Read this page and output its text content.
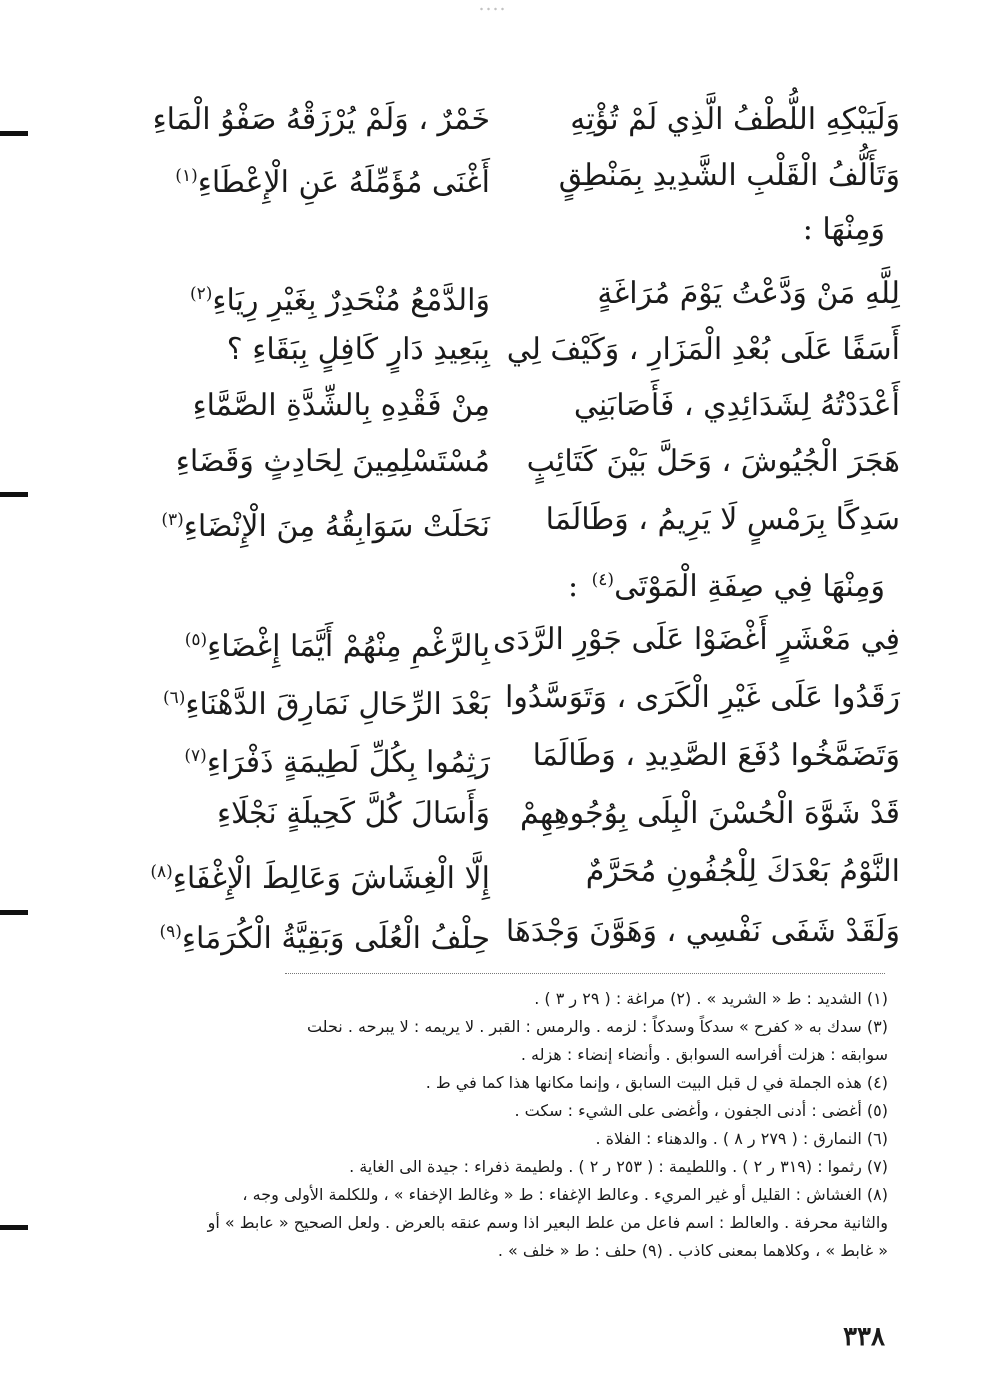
وَلَيَبْكِهِ اللُّطْفُ الَّذِي لَمْ تُؤْتِهِ
خَمْرٌ ، وَلَمْ يُرْزَقْهُ صَفْوُ الْمَاءِ
وَتَأَلُّفُ الْقَلْبِ الشَّدِيدِ بِمَنْطِقٍ
أَغْنَى مُؤَمِّلَهُ عَنِ الْإِعْطَاءِ$^{(١)}$
وَمِنْهَا :
لِلَّهِ مَنْ وَدَّعْتُ يَوْمَ مُرَاغَةٍ
وَالدَّمْعُ مُنْحَدِرٌ بِغَيْرِ رِيَاءِ$^{(٢)}$
أَسَفًا عَلَى بُعْدِ الْمَزَارِ ، وَكَيْفَ لِي
بِبَعِيدِ دَارٍ كَافِلٍ بِبَقَاءِ ؟
أَعْدَدْتُهُ لِشَدَائِدِي ، فَأَصَابَنِي
مِنْ فَقْدِهِ بِالشِّدَّةِ الصَّمَّاءِ
هَجَرَ الْجُيُوشَ ، وَحَلَّ بَيْنَ كَتَائِبٍ
مُسْتَسْلِمِينَ لِحَادِثٍ وَقَضَاءِ
سَدِكًا بِرَمْسٍ لَا يَرِيمُ ، وَطَالَمَا
نَحَلَتْ سَوَابِقُهُ مِنَ الْإِنْضَاءِ$^{(٣)}$
وَمِنْهَا فِي صِفَةِ الْمَوْتَى$^{(٤)}$ :
فِي مَعْشَرٍ أَغْضَوْا عَلَى جَوْرِ الرَّدَى
بِالرَّغْمِ مِنْهُمْ أَيَّمَا إِغْضَاءِ$^{(٥)}$
رَقَدُوا عَلَى غَيْرِ الْكَرَى ، وَتَوَسَّدُوا
بَعْدَ الرِّحَالِ نَمَارِقَ الدَّهْنَاءِ$^{(٦)}$
وَتَضَمَّخُوا دُفَعَ الصَّدِيدِ ، وَطَالَمَا
رَثِمُوا بِكُلِّ لَطِيمَةٍ ذَفْرَاءِ$^{(٧)}$
قَدْ شَوَّهَ الْحُسْنَ الْبِلَى بِوُجُوهِهِمْ
وَأَسَالَ كُلَّ كَحِيلَةٍ نَجْلَاءِ
النَّوْمُ بَعْدَكَ لِلْجُفُونِ مُحَرَّمٌ
إِلَّا الْغِشَاشَ وَعَالِطَ الْإِغْفَاءِ$^{(٨)}$
وَلَقَدْ شَفَى نَفْسِي ، وَهَوَّنَ وَجْدَهَا
حِلْفُ الْعُلَى وَبَقِيَّةُ الْكُرَمَاءِ$^{(٩)}$
(١) الشديد : ط « الشريد » . (٢) مراغة : ( ٢٩ ر ٣ ) .
(٣) سدك به « كفرح » سدكاً وسدكاً : لزمه . والرمس : القبر . لا يريمه : لا يبرحه . نحلت
سوابقه : هزلت أفراسه السوابق . وأنضاء إنضاء : هزله .
(٤) هذه الجملة في ل قبل البيت السابق ، وإنما مكانها هذا كما في ط .
(٥) أغضى : أدنى الجفون ، وأغضى على الشيء : سكت .
(٦) النمارق : ( ٢٧٩ ر ٨ ) . والدهناء : الفلاة .
(٧) رثموا : (٣١٩ ر ٢ ) . واللطيمة : ( ٢٥٣ ر ٢ ) . ولطيمة ذفراء : جيدة الى الغاية .
(٨) الغشاش : القليل أو غير المريء . وعالط الإغفاء : ط « وغالط الإخفاء » ، وللكلمة الأولى وجه ،
والثانية محرفة . والعالط : اسم فاعل من علط البعير اذا وسم عنقه بالعرض . ولعل الصحيح « عابط » أو
« غابط » ، وكلاهما بمعنى كاذب . (٩) حلف : ط « خلف » .
٣٣٨
